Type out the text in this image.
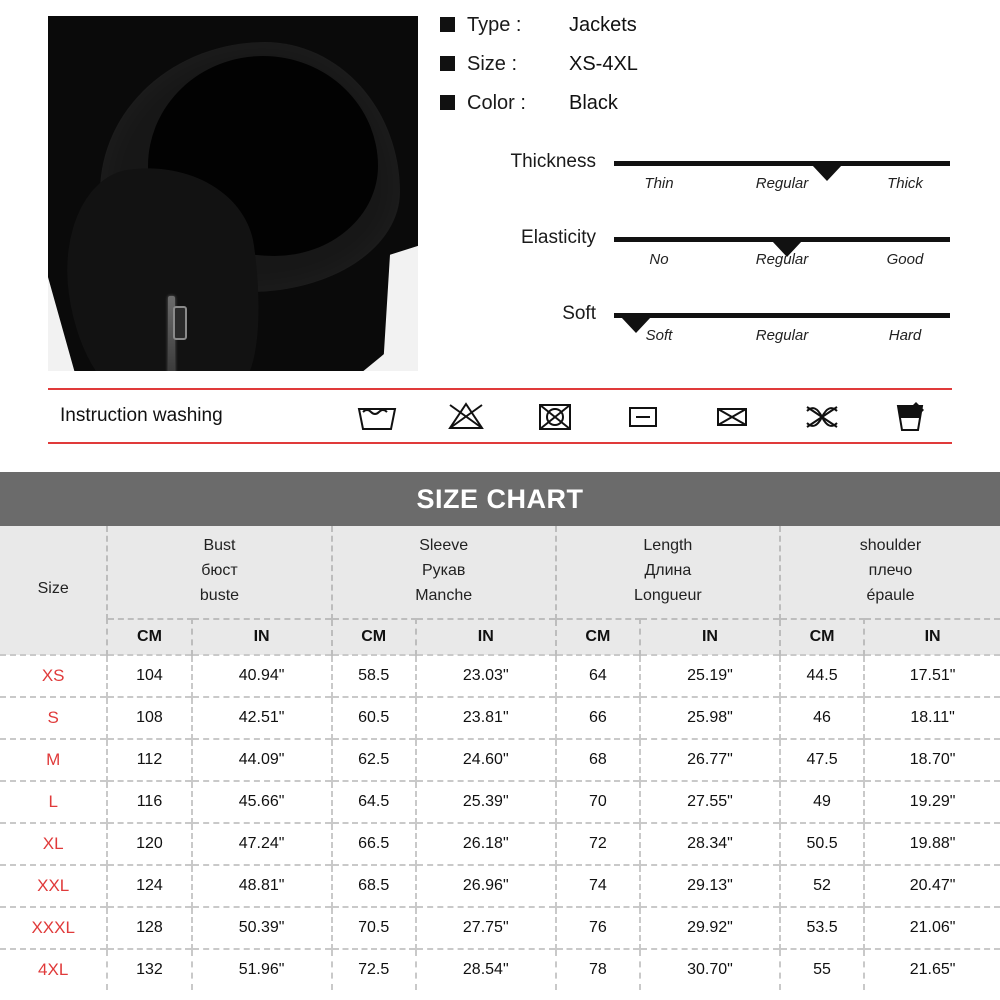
Type :	Jackets
Size :	XS-4XL
Color :	Black
Thickness
Thin	Regular	Thick
Elasticity
No	Regular	Good
Soft
Soft	Regular	Hard
Instruction washing
SIZE CHART
Size	
Bust
бюст
buste

Sleeve
Рукав
Manche

Length
Длина
Longueur

shoulder
плечо
épaule

	CM	IN	CM	IN	CM	IN	CM	IN
XS	104	40.94"	58.5	23.03"	64	25.19"	44.5	17.51"
S	108	42.51"	60.5	23.81"	66	25.98"	46	18.11"
M	112	44.09"	62.5	24.60"	68	26.77"	47.5	18.70"
L	116	45.66"	64.5	25.39"	70	27.55"	49	19.29"
XL	120	47.24"	66.5	26.18"	72	28.34"	50.5	19.88"
XXL	124	48.81"	68.5	26.96"	74	29.13"	52	20.47"
XXXL	128	50.39"	70.5	27.75"	76	29.92"	53.5	21.06"
4XL	132	51.96"	72.5	28.54"	78	30.70"	55	21.65"
